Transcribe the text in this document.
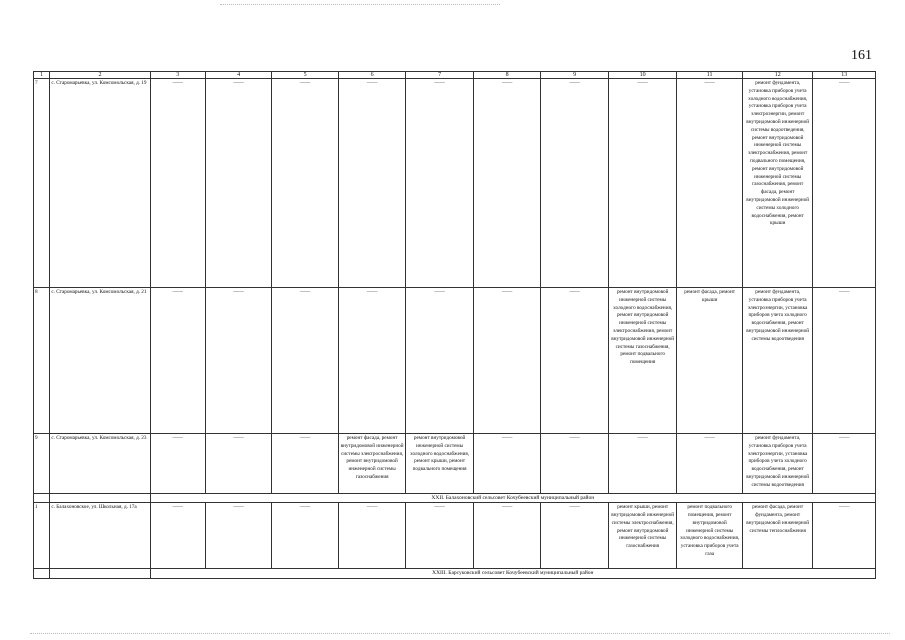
161
1	2	3	4	5	6	7	8	9	10	11	12	13
7	с. Старомарьевка, ул. Комсомольская, д. 19	——	——	——	——	——	——	——	——	——	ремонт фундамента, установка приборов учета холодного водоснабжения, установка приборов учета электроэнергии, ремонт внутридомовой инженерной системы водоотведения, ремонт внутридомовой инженерной системы электроснабжения, ремонт подвального помещения, ремонт внутридомовой инженерной системы газоснабжения, ремонт фасада, ремонт внутридомовой инженерной системы холодного водоснабжения, ремонт крыши	——
8	с. Старомарьевка, ул. Комсомольская, д. 21	——	——	——	——	——	——	——	ремонт внутридомовой инженерной системы холодного водоснабжения, ремонт внутридомовой инженерной системы электроснабжения, ремонт внутридомовой инженерной системы газоснабжения, ремонт подвального помещения	ремонт фасада, ремонт крыши	ремонт фундамента, установка приборов учета электроэнергии, установка приборов учета холодного водоснабжения, ремонт внутридомовой инженерной системы водоотведения	——
9	с. Старомарьевка, ул. Комсомольская, д. 23	——	——	——	ремонт фасада, ремонт внутридомовой инженерной системы электроснабжения, ремонт внутридомовой инженерной системы газоснабжения	ремонт внутридомовой инженерной системы холодного водоснабжения, ремонт крыши, ремонт подвального помещения	——	——	——	——	ремонт фундамента, установка приборов учета электроэнергии, установка приборов учета холодного водоснабжения, ремонт внутридомовой инженерной системы водоотведения	——
		XXII. Балахоновский сельсовет Кочубеевский муниципальный район										
1	с. Балахоновское, ул. Школьная, д. 17а	——	——	——	——	——	——	——	ремонт крыши, ремонт внутридомовой инженерной системы электроснабжения, ремонт внутридомовой инженерной системы газоснабжения	ремонт подвального помещения, ремонт внутридомовой инженерной системы холодного водоснабжения, установка приборов учета газа	ремонт фасада, ремонт фундамента, ремонт внутридомовой инженерной системы теплоснабжения	——
		XXIII. Барсуковский сельсовет Кочубеевский муниципальный район										
